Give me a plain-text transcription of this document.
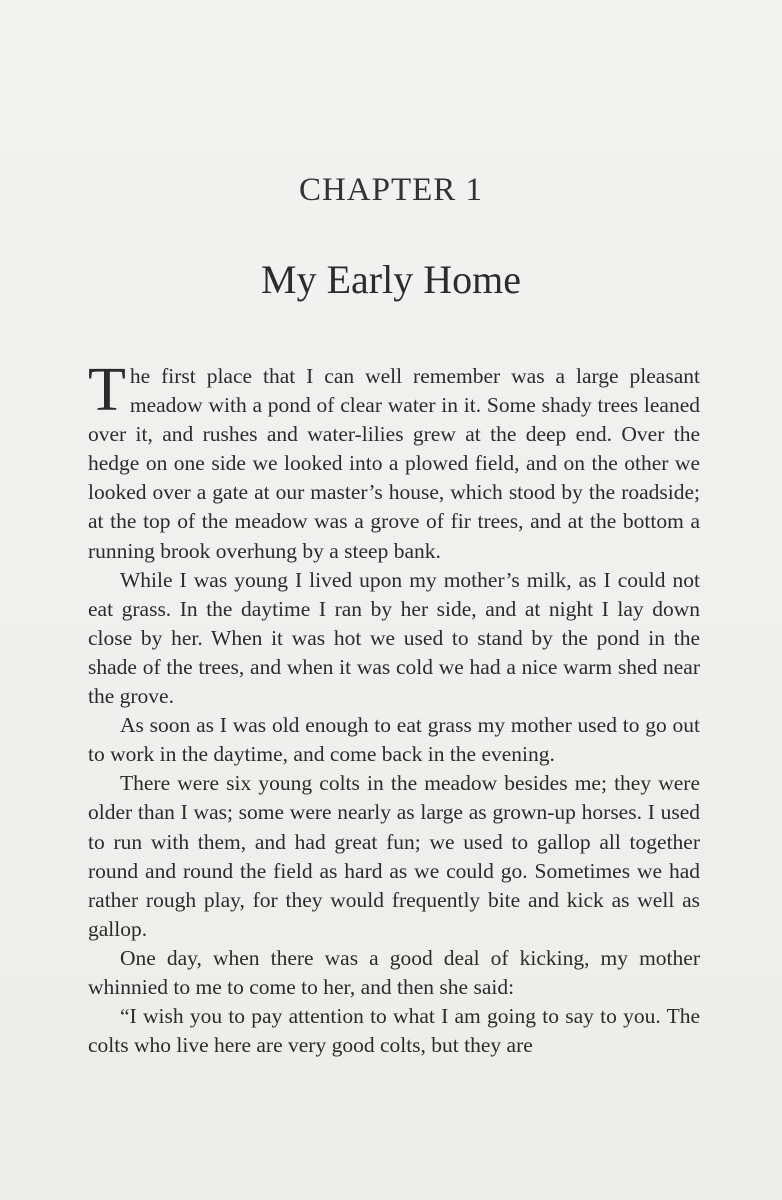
CHAPTER 1
My Early Home

The first place that I can well remember was a large pleasant meadow with a pond of clear water in it. Some shady trees leaned over it, and rushes and water-lilies grew at the deep end. Over the hedge on one side we looked into a plowed field, and on the other we looked over a gate at our master’s house, which stood by the roadside; at the top of the meadow was a grove of fir trees, and at the bottom a running brook overhung by a steep bank.

While I was young I lived upon my mother’s milk, as I could not eat grass. In the daytime I ran by her side, and at night I lay down close by her. When it was hot we used to stand by the pond in the shade of the trees, and when it was cold we had a nice warm shed near the grove.

As soon as I was old enough to eat grass my mother used to go out to work in the daytime, and come back in the evening.

There were six young colts in the meadow besides me; they were older than I was; some were nearly as large as grown-up horses. I used to run with them, and had great fun; we used to gallop all together round and round the field as hard as we could go. Sometimes we had rather rough play, for they would frequently bite and kick as well as gallop.

One day, when there was a good deal of kicking, my mother whinnied to me to come to her, and then she said:

“I wish you to pay attention to what I am going to say to you. The colts who live here are very good colts, but they are
